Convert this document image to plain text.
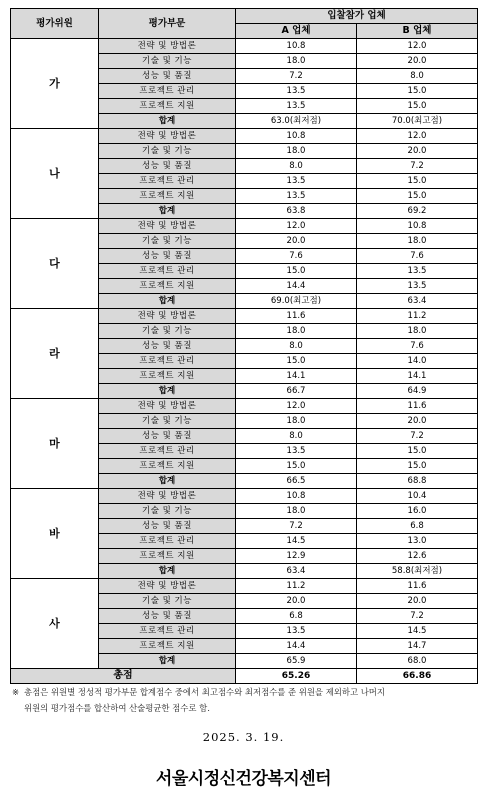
평가위원	평가부문	입찰참가 업체	
		A 업체	B 업체
가	전략 및 방법론	10.8	12.0
	기술 및 기능	18.0	20.0
	성능 및 품질	7.2	8.0
	프로젝트 관리	13.5	15.0
	프로젝트 지원	13.5	15.0
	합계	63.0(최저점)	70.0(최고점)
나	전략 및 방법론	10.8	12.0
	기술 및 기능	18.0	20.0
	성능 및 품질	8.0	7.2
	프로젝트 관리	13.5	15.0
	프로젝트 지원	13.5	15.0
	합계	63.8	69.2
다	전략 및 방법론	12.0	10.8
	기술 및 기능	20.0	18.0
	성능 및 품질	7.6	7.6
	프로젝트 관리	15.0	13.5
	프로젝트 지원	14.4	13.5
	합계	69.0(최고점)	63.4
라	전략 및 방법론	11.6	11.2
	기술 및 기능	18.0	18.0
	성능 및 품질	8.0	7.6
	프로젝트 관리	15.0	14.0
	프로젝트 지원	14.1	14.1
	합계	66.7	64.9
마	전략 및 방법론	12.0	11.6
	기술 및 기능	18.0	20.0
	성능 및 품질	8.0	7.2
	프로젝트 관리	13.5	15.0
	프로젝트 지원	15.0	15.0
	합계	66.5	68.8
바	전략 및 방법론	10.8	10.4
	기술 및 기능	18.0	16.0
	성능 및 품질	7.2	6.8
	프로젝트 관리	14.5	13.0
	프로젝트 지원	12.9	12.6
	합계	63.4	58.8(최저점)
사	전략 및 방법론	11.2	11.6
	기술 및 기능	20.0	20.0
	성능 및 품질	6.8	7.2
	프로젝트 관리	13.5	14.5
	프로젝트 지원	14.4	14.7
	합계	65.9	68.0
총점		65.26	66.86
※ 총점은 위원별 정성적 평가부문 합계점수 중에서 최고점수와 최저점수를 준 위원을 제외하고 나머지
위원의 평가점수를 합산하여 산술평균한 점수로 함.
2025. 3. 19.
서울시정신건강복지센터
